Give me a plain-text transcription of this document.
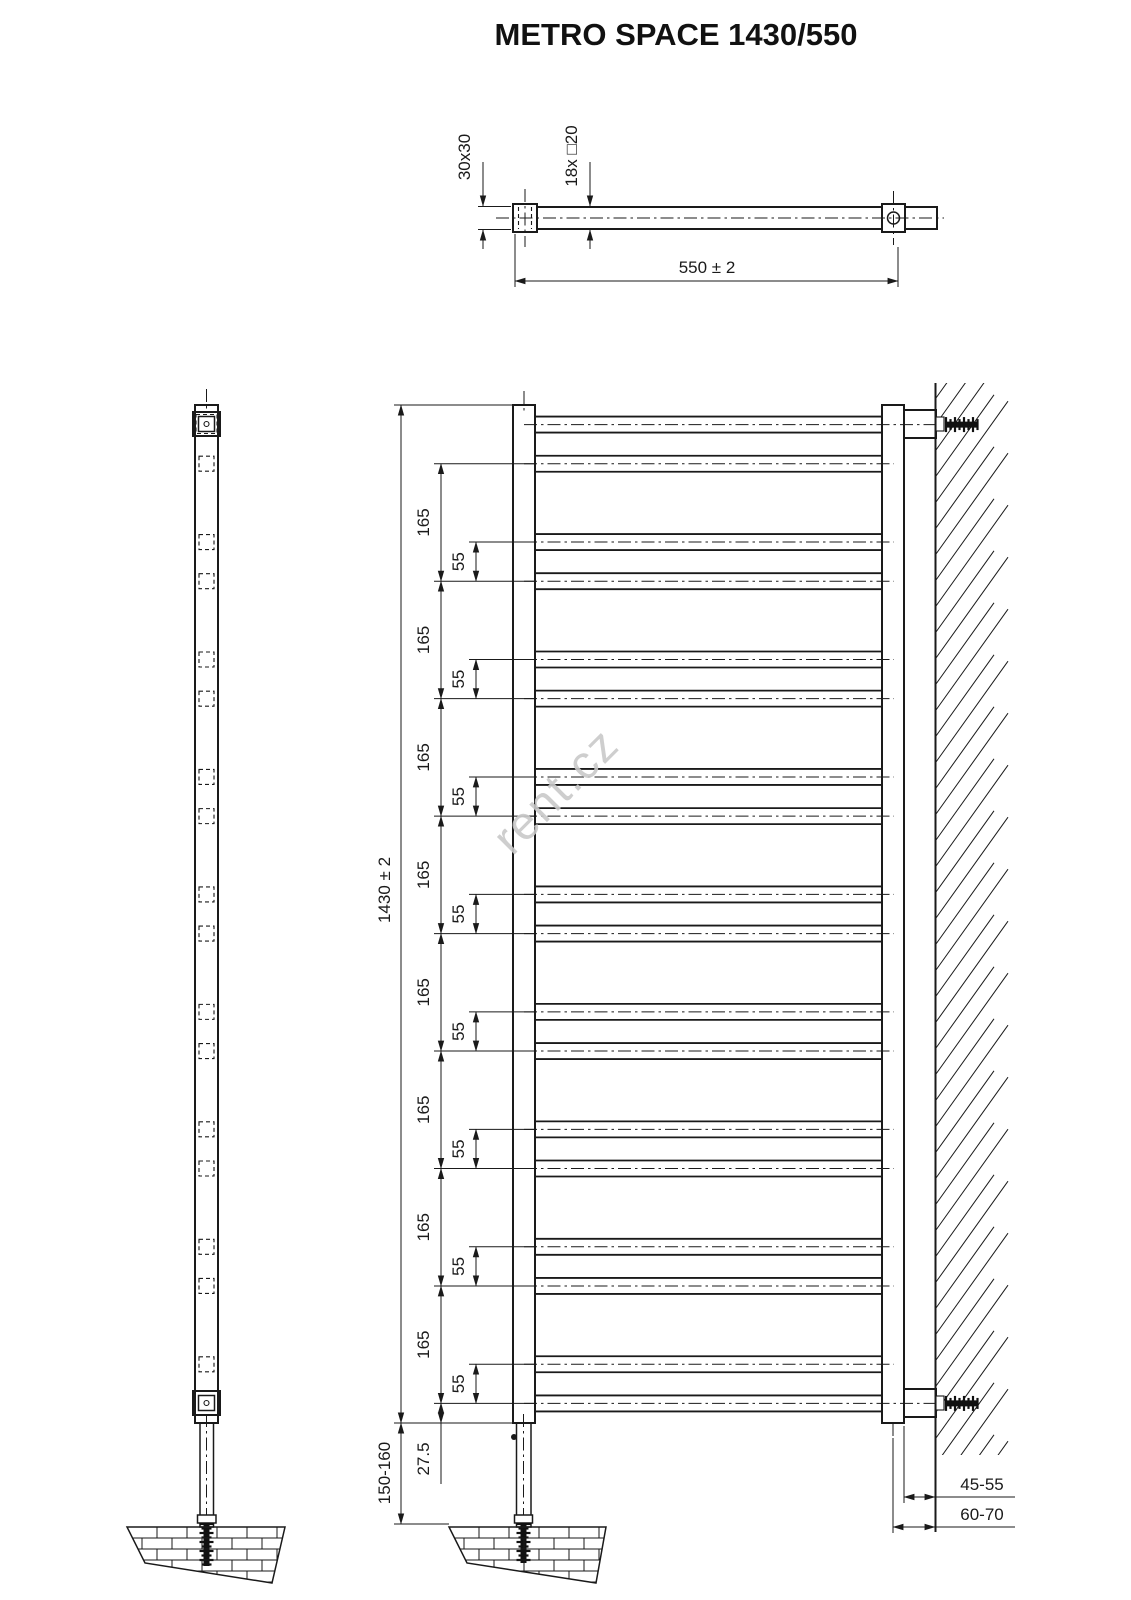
METRO SPACE 1430/550
30x30	18x □20
550 ± 2
1430 ± 2
150-160 27.5
165
165
165
165
165
165
165
165
55
55
55
55
55
55
55
55
45-55
60-70
rent.cz
